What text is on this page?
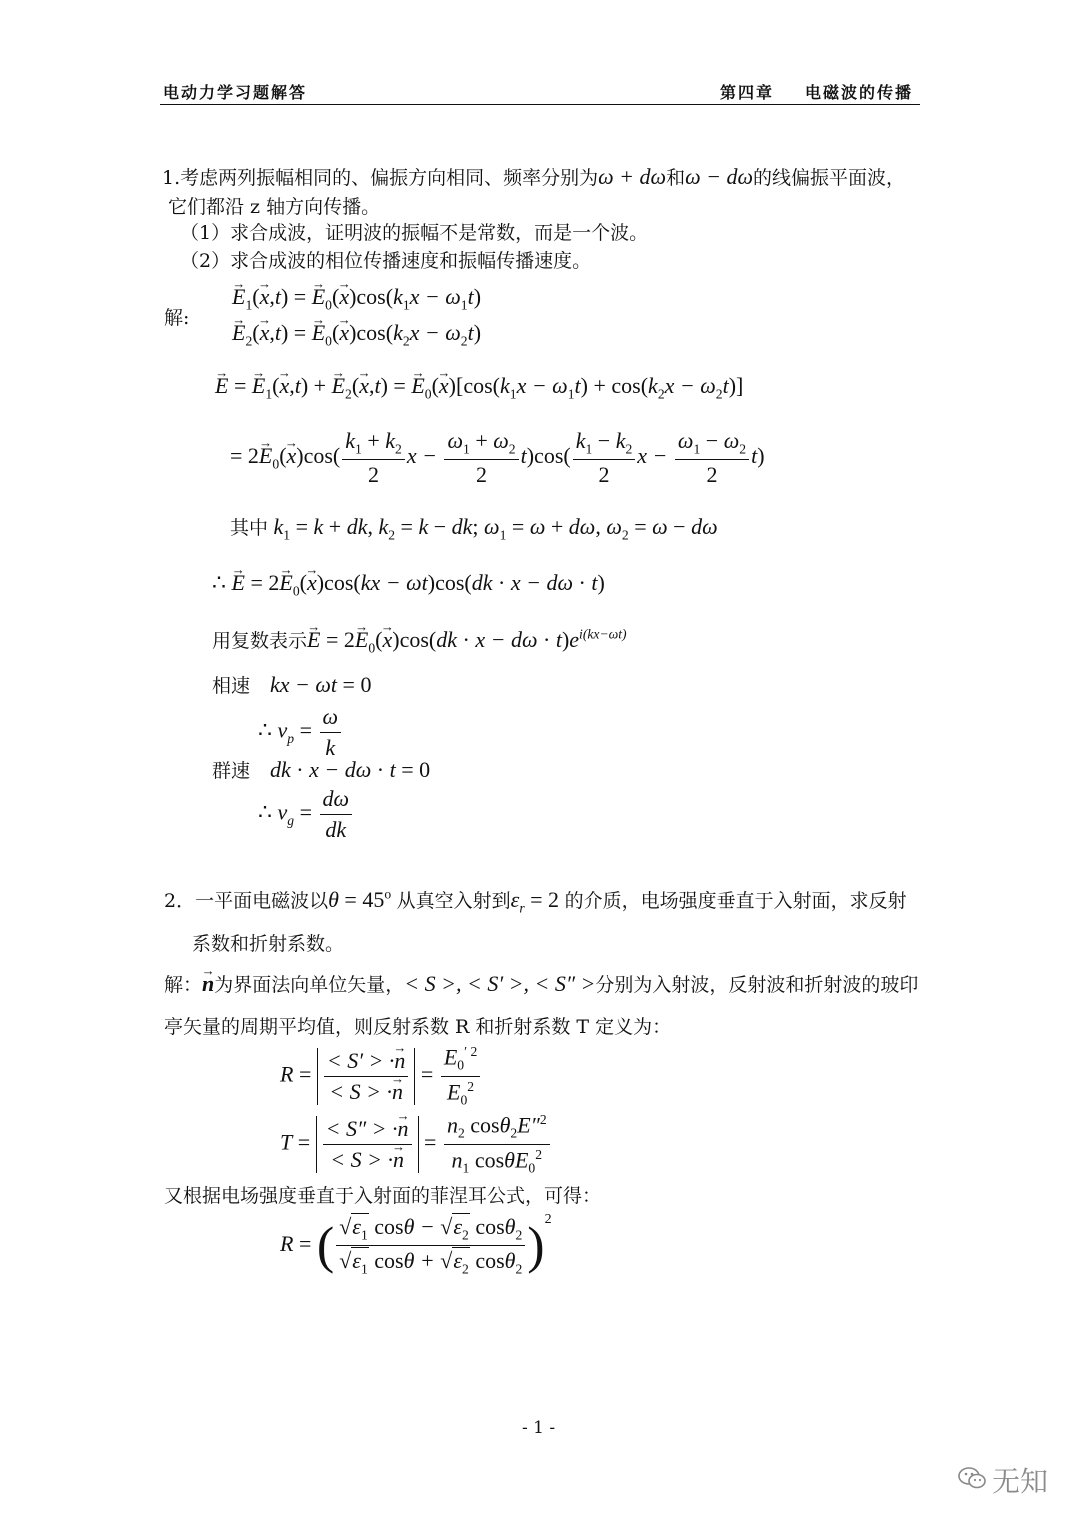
电动力学习题解答	第四章 电磁波的传播
1.考虑两列振幅相同的、偏振方向相同、频率分别为ω + dω和ω − dω的线偏振平面波，
它们都沿 z 轴方向传播。
（1）求合成波，证明波的振幅不是常数，而是一个波。
（2）求合成波的相位传播速度和振幅传播速度。
解:
→ $E_1(\to x,t)$ = → $E_0(\to x)\cos(k_1x - \omega_1t)$
→ $E_2(\to x,t)$ = → $E_0(\to x)\cos(k_2x - \omega_2t)$
→ E = → $E_1(\to x,t)$ + → $E_2(\to x,t)$ = → $E_0(\to x)[\cos(k_1x - \omega_1t) + \cos(k_2x - \omega_2t)]$
= $2\to E_0(\to x)\cos( \frac{k_1 + k_2}{2}$ $x - \frac{\omega_1 + \omega_2}{2} t)\cos( \frac{k_1 - k_2}{2}$ $x - \frac{\omega_1 - \omega_2}{2} t$)
其中 $k_1 = k$ + dk, $k_2 = k$ − dk; $\omega_1 = \omega + d\omega$, $\omega_2 = \omega - d\omega$
∴ → $E = 2\to E_0(\to x)\cos(kx - \omega t)\cos(dk \cdot x - d\omega \cdot t)$
用复数表示→ $E = 2\to E_0(\to x)\cos(dk \cdot x - d\omega \cdot t)e^{i(kx-\omega t)}$
相速 kx − ωt = 0
∴ $v_p = \frac{\omega}{k}$
群速 dk · x − dω · t = 0
∴ $v_g = \frac{d\omega}{dk}$
2．一平面电磁波以$\theta = 45^o$ 从真空入射到$\varepsilon_r = 2$ 的介质，电场强度垂直于入射面，求反射
系数和折射系数。
解：→ n为界面法向单位矢量，< S >, < S′ >, < S″ >分别为入射波，反射波和折射波的玻印
亭矢量的周期平均值，则反射系数 R 和折射系数 T 定义为：
$R = \frac{< S' > \cdot\to n}{< S > \cdot\to n} = \frac{E_0^{' 2}}{E_0^2}$
$T = \frac{< S'' > \cdot\to n}{< S > \cdot\to n} = \frac{n_2 \cos\theta_2E''^2}{n_1 \cos\theta E_0^2}$
又根据电场强度垂直于入射面的菲涅耳公式，可得：
R = ( $\frac{√\varepsilon_1 \cos\theta - √\varepsilon_2 \cos\theta_2}{√\varepsilon_1 \cos\theta + √\varepsilon_2 \cos\theta_2} )^2$
- 1 -
无知
